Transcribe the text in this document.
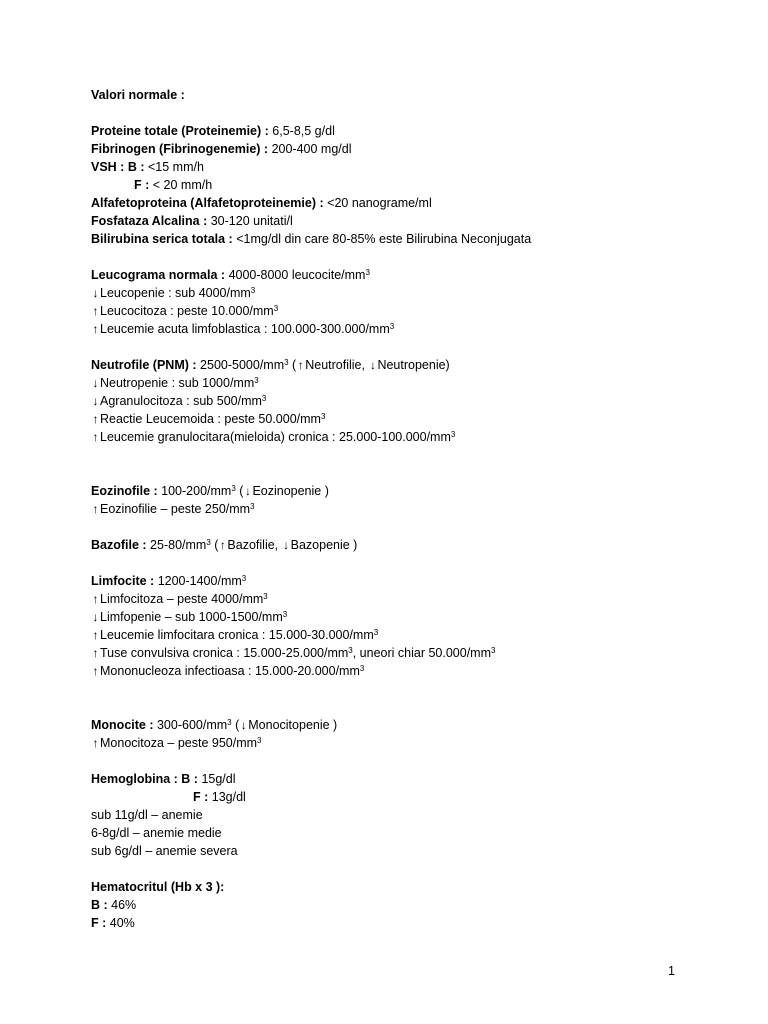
Valori normale :
Proteine totale (Proteinemie) : 6,5-8,5 g/dl
Fibrinogen (Fibrinogenemie) : 200-400 mg/dl
VSH : B : <15 mm/h
F : < 20 mm/h
Alfafetoproteina (Alfafetoproteinemie) : <20 nanograme/ml
Fosfataza Alcalina : 30-120 unitati/l
Bilirubina serica totala : <1mg/dl din care 80-85% este Bilirubina Neconjugata
Leucograma normala : 4000-8000 leucocite/$mm^3$
↓ Leucopenie : sub $4000/mm^3$
↑ Leucocitoza : peste $10.000/mm^3$
↑ Leucemie acuta limfoblastica : $100.000-300.000/mm^3$
Neutrofile (PNM) : $2500-5000/mm^3$ ( ↑ Neutrofilie, ↓ Neutropenie)
↓ Neutropenie : sub $1000/mm^3$
↓ Agranulocitoza : sub $500/mm^3$
↑ Reactie Leucemoida : peste $50.000/mm^3$
↑ Leucemie granulocitara(mieloida) cronica : $25.000-100.000/mm^3$
Eozinofile : $100-200/mm^3$ ( ↓ Eozinopenie )
↑ Eozinofilie – peste $250/mm^3$
Bazofile : $25-80/mm^3$ ( ↑ Bazofilie, ↓ Bazopenie )
Limfocite : $1200-1400/mm^3$
↑ Limfocitoza – peste $4000/mm^3$
↓ Limfopenie – sub $1000-1500/mm^3$
↑ Leucemie limfocitara cronica : $15.000-30.000/mm^3$
↑ Tuse convulsiva cronica : $15.000-25.000/mm^3$, uneori chiar $50.000/mm^3$
↑ Mononucleoza infectioasa : $15.000-20.000/mm^3$
Monocite : $300-600/mm^3$ ( ↓ Monocitopenie )
↑ Monocitoza – peste $950/mm^3$
Hemoglobina : B : 15g/dl
F : 13g/dl
sub 11g/dl – anemie
6-8g/dl – anemie medie
sub 6g/dl – anemie severa
Hematocritul (Hb x 3 ):
B : 46%
F : 40%
1
